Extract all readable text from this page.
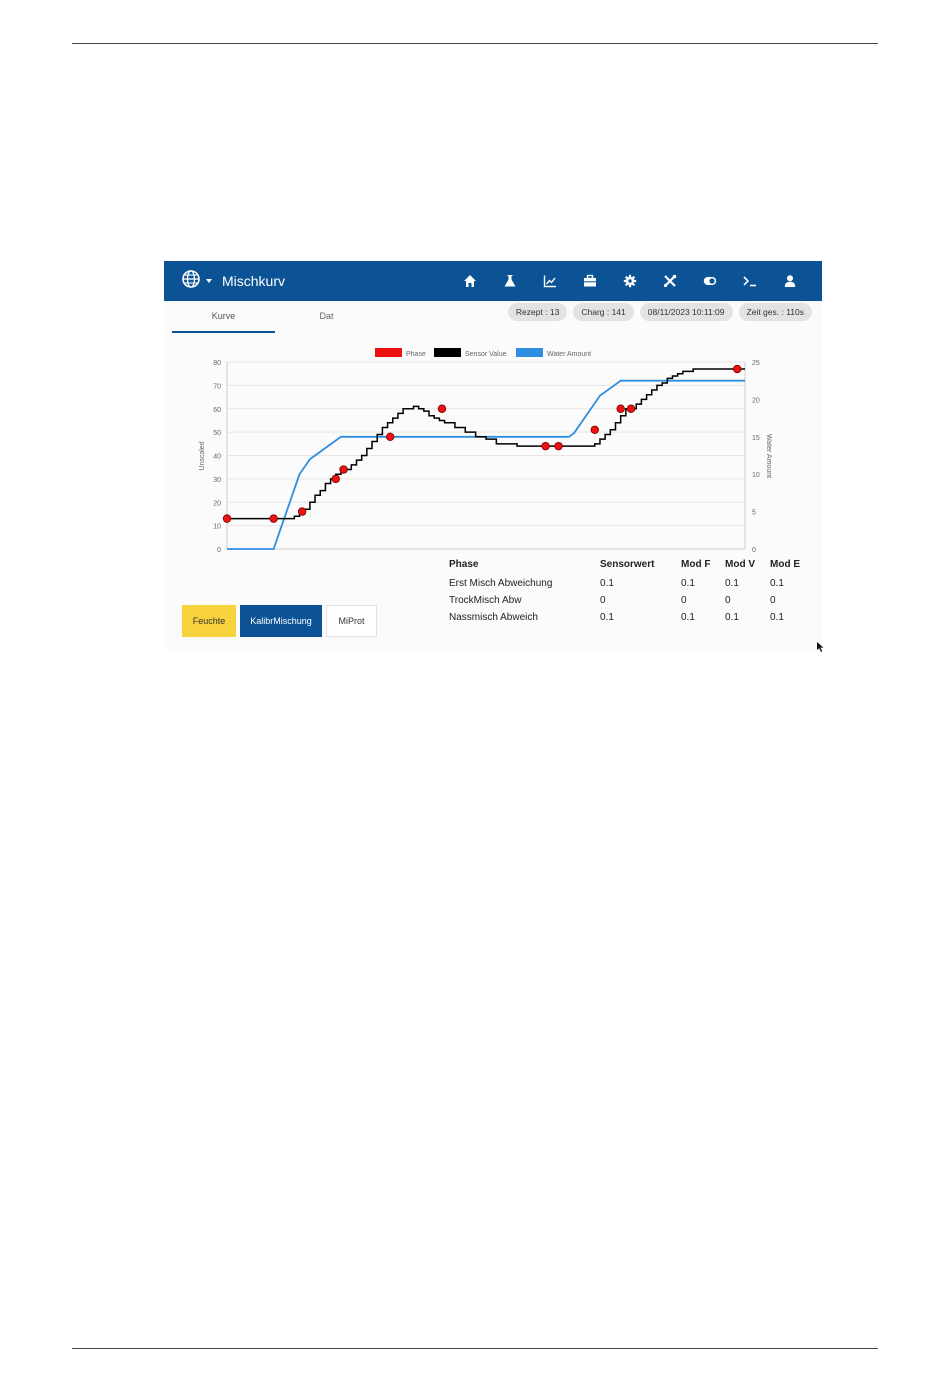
Mischkurv
Kurve	Dat	Rezept : 13	Charg : 141	08/11/2023 10:11:09	Zeit ges. : 110s
Phase	Sensor Value	Water Amount
0
10
20
30
40
50
60
70
80
0
5
10
15
20
25
Unscaled	Water Amount
Phase	Sensorwert	Mod F	Mod V	Mod E
Erst Misch Abweichung	0.1	0.1	0.1	0.1
TrockMisch Abw	0	0	0	0
Nassmisch Abweich	0.1	0.1	0.1	0.1
Feuchte	KalibrMischung	MiProt
